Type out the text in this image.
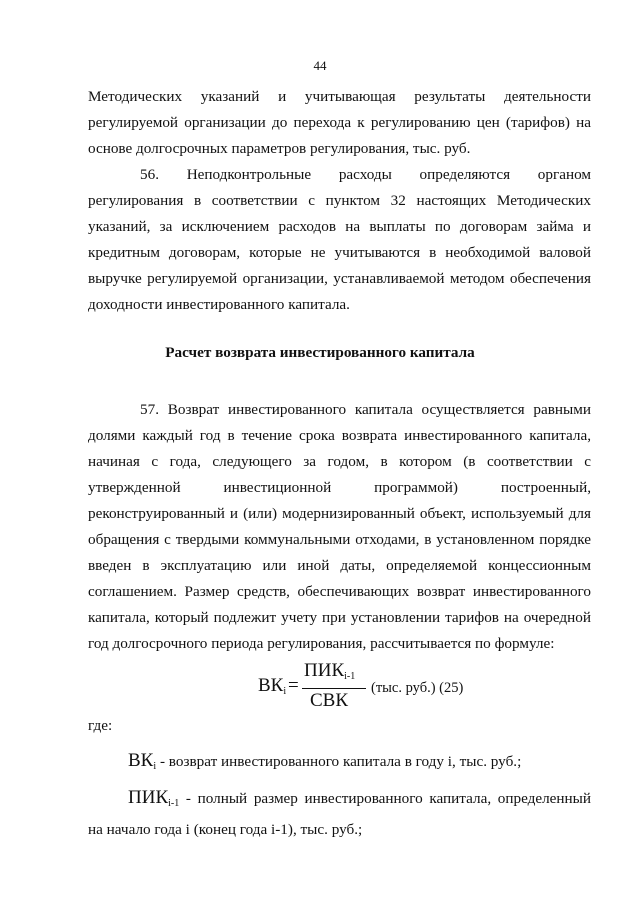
44
Методических указаний и учитывающая результаты деятельности
регулируемой организации до перехода к регулированию цен (тарифов) на
основе долгосрочных параметров регулирования, тыс. руб.
56. Неподконтрольные расходы определяются органом
регулирования в соответствии с пунктом 32 настоящих Методических
указаний, за исключением расходов на выплаты по договорам займа и
кредитным договорам, которые не учитываются в необходимой валовой
выручке регулируемой организации, устанавливаемой методом обеспечения
доходности инвестированного капитала.
Расчет возврата инвестированного капитала
57. Возврат инвестированного капитала осуществляется равными
долями каждый год в течение срока возврата инвестированного капитала,
начиная с года, следующего за годом, в котором (в соответствии с
утвержденной инвестиционной программой) построенный,
реконструированный и (или) модернизированный объект, используемый для
обращения с твердыми коммунальными отходами, в установленном порядке
введен в эксплуатацию или иной даты, определяемой концессионным
соглашением. Размер средств, обеспечивающих возврат инвестированного
капитала, который подлежит учету при установлении тарифов на очередной
год долгосрочного периода регулирования, рассчитывается по формуле:
$ВК_i$ =
$ПИК_{i-1}$
СВК
(тыс. руб.) (25)
где:
$ВК_i$ - возврат инвестированного капитала в году i, тыс. руб.;
$ПИК_{i-1}$ - полный размер инвестированного капитала, определенный
на начало года i (конец года i-1), тыс. руб.;
